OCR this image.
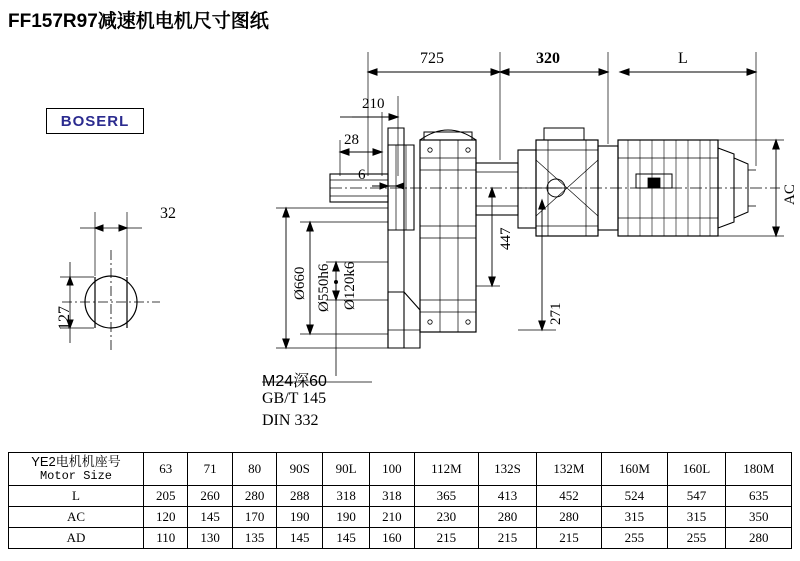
FF157R97减速机电机尺寸图纸
BOSERL
725	320	L
210
28
6
32
127
Ø660 Ø550h6 Ø120k6
447
271
AC
M24深60
GB/T 145
DIN 332
YE2电机机座号
Motor Size	63	71	80	90S	90L	100	112M	132S	132M	160M	160L	180M
L	205	260	280	288	318	318	365	413	452	524	547	635
AC	120	145	170	190	190	210	230	280	280	315	315	350
AD	110	130	135	145	145	160	215	215	215	255	255	280
